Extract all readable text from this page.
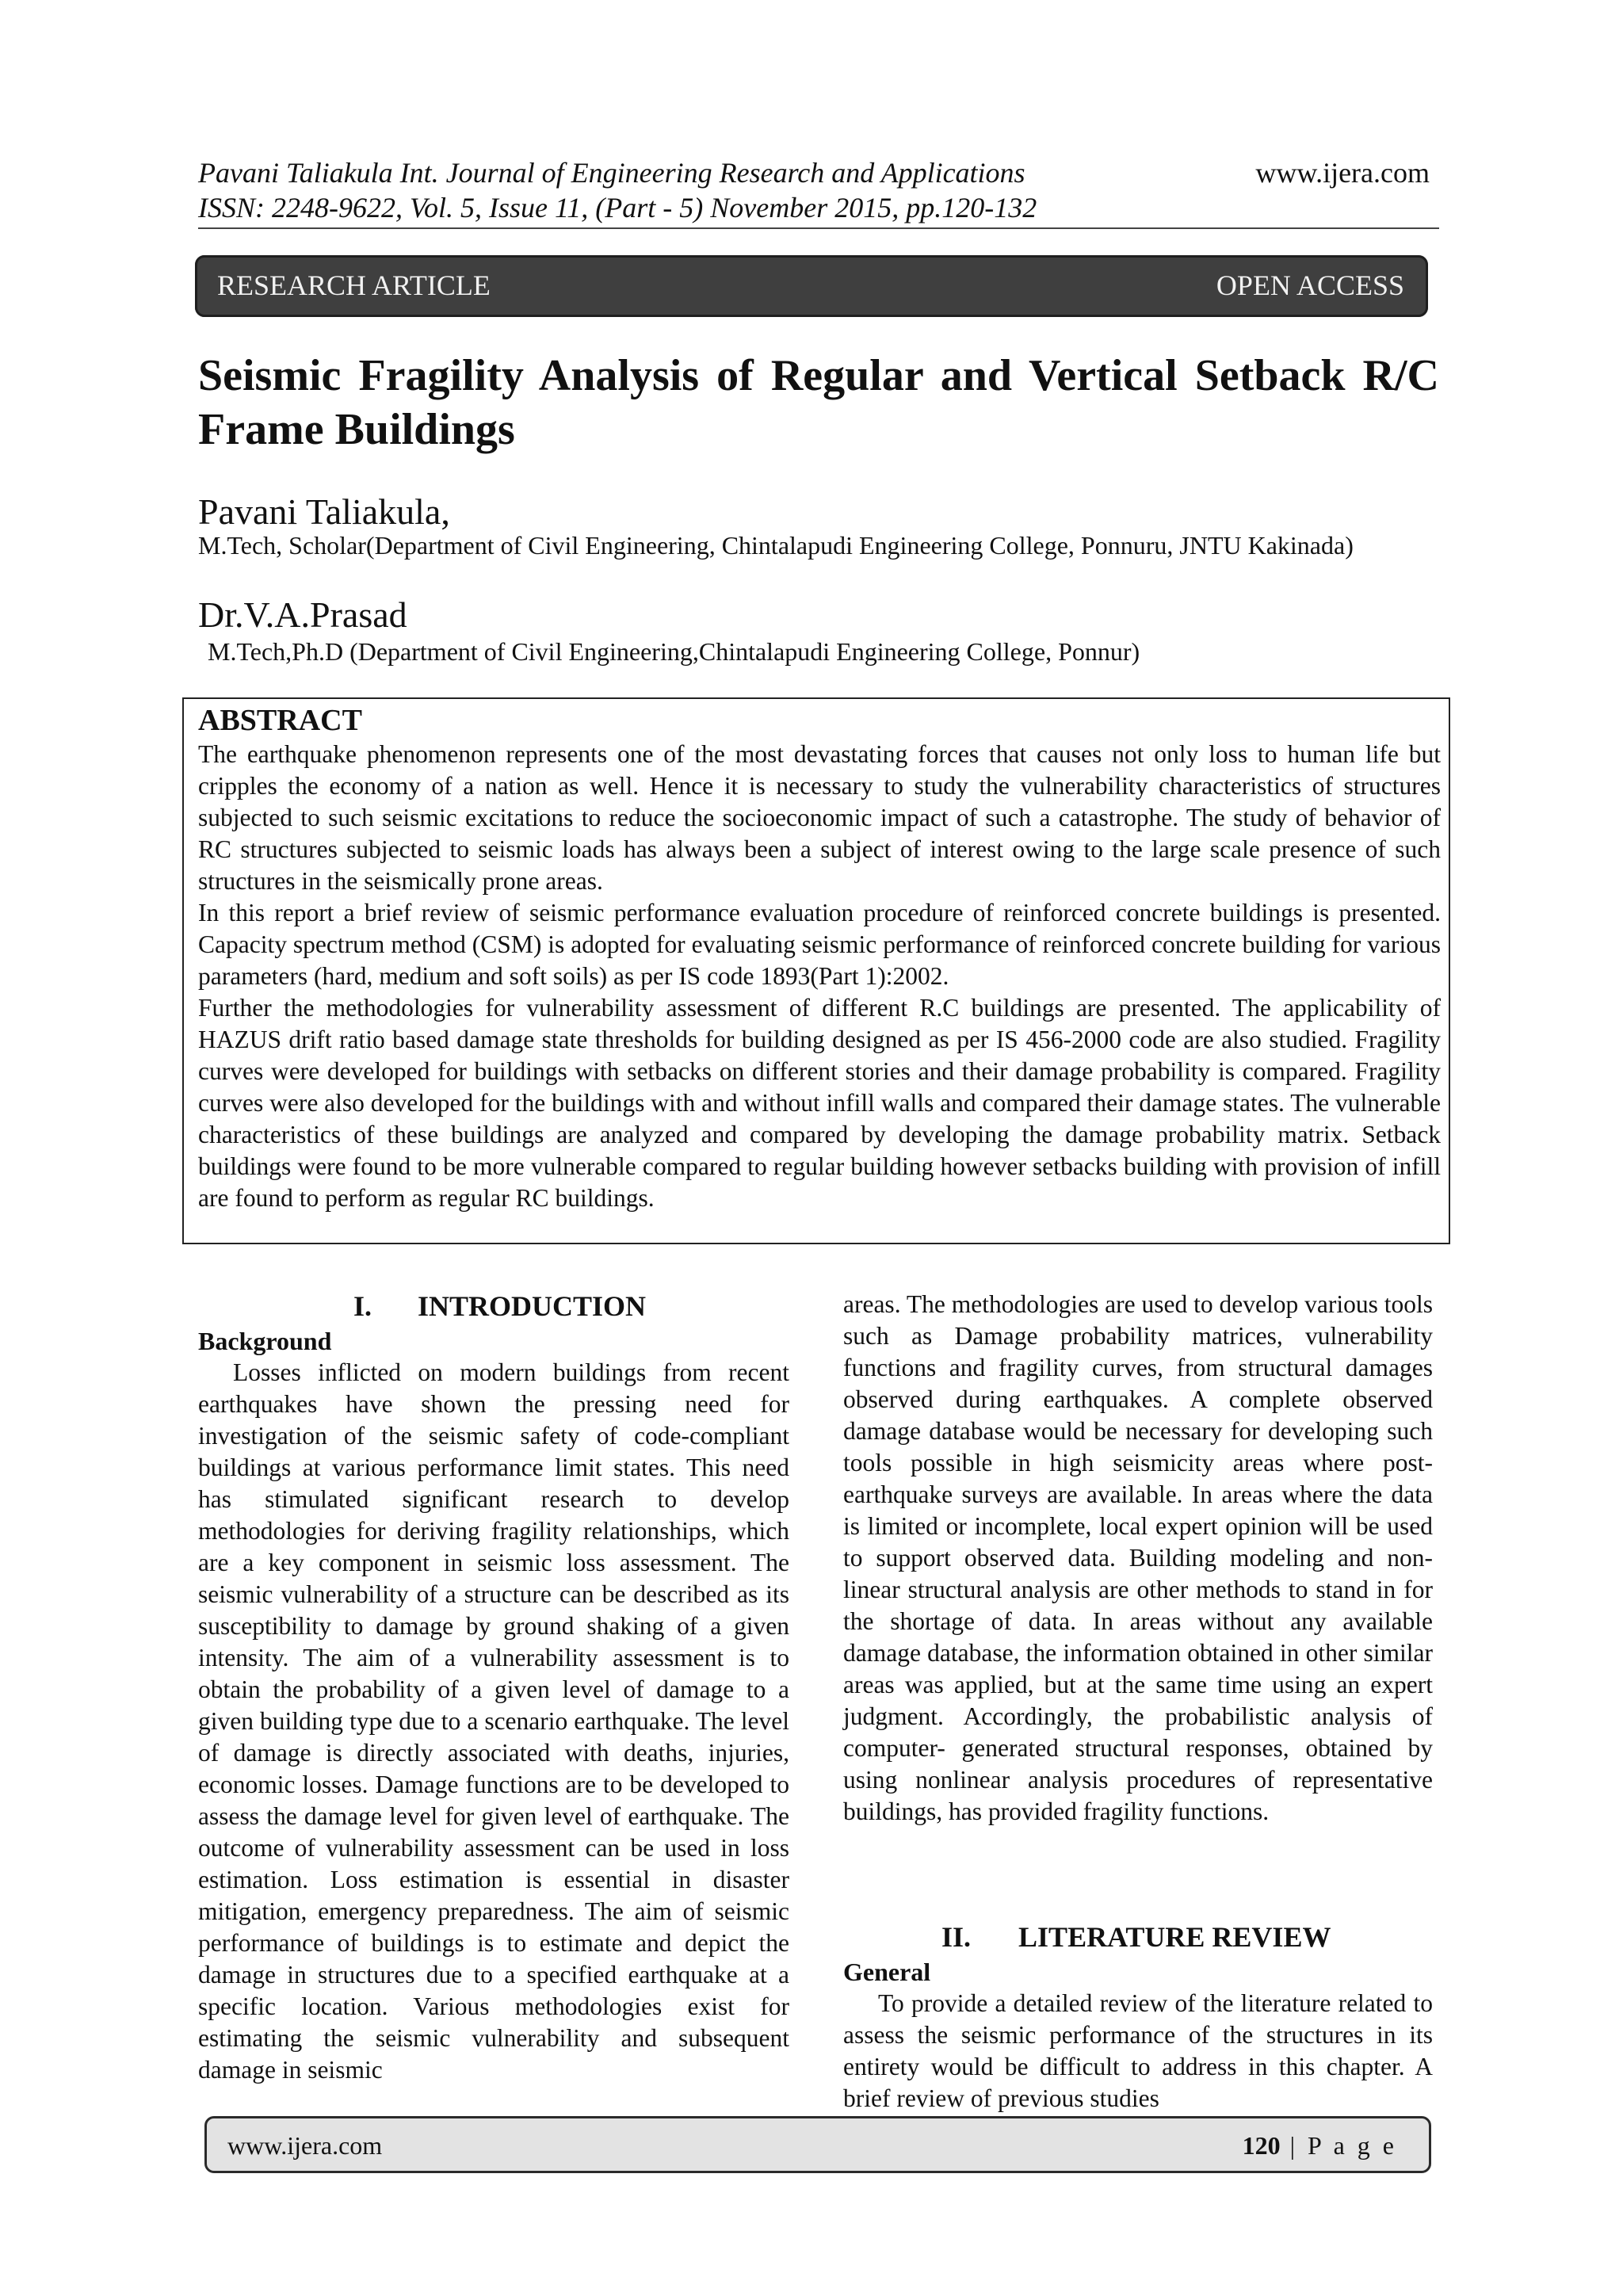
Pavani Taliakula Int. Journal of Engineering Research and Applications
ISSN: 2248-9622, Vol. 5, Issue 11, (Part - 5) November 2015, pp.120-132
www.ijera.com
RESEARCH ARTICLE	OPEN ACCESS
Seismic Fragility Analysis of Regular and Vertical Setback R/C
Frame Buildings
Pavani Taliakula,
M.Tech, Scholar(Department of Civil Engineering, Chintalapudi Engineering College, Ponnuru, JNTU Kakinada)
Dr.V.A.Prasad
M.Tech,Ph.D (Department of Civil Engineering,Chintalapudi Engineering College, Ponnur)
ABSTRACT

The earthquake phenomenon represents one of the most devastating forces that causes not only loss to human life but cripples the economy of a nation as well. Hence it is necessary to study the vulnerability characteristics of structures subjected to such seismic excitations to reduce the socioeconomic impact of such a catastrophe. The study of behavior of RC structures subjected to seismic loads has always been a subject of interest owing to the large scale presence of such structures in the seismically prone areas.

In this report a brief review of seismic performance evaluation procedure of reinforced concrete buildings is presented. Capacity spectrum method (CSM) is adopted for evaluating seismic performance of reinforced concrete building for various parameters (hard, medium and soft soils) as per IS code 1893(Part 1):2002.

Further the methodologies for vulnerability assessment of different R.C buildings are presented. The applicability of HAZUS drift ratio based damage state thresholds for building designed as per IS 456-2000 code are also studied. Fragility curves were developed for buildings with setbacks on different stories and their damage probability is compared. Fragility curves were also developed for the buildings with and without infill walls and compared their damage states. The vulnerable characteristics of these buildings are analyzed and compared by developing the damage probability matrix. Setback buildings were found to be more vulnerable compared to regular building however setbacks building with provision of infill are found to perform as regular RC buildings.

I. INTRODUCTION
Background

Losses inflicted on modern buildings from recent earthquakes have shown the pressing need for investigation of the seismic safety of code-compliant buildings at various performance limit states. This need has stimulated significant research to develop methodologies for deriving fragility relationships, which are a key component in seismic loss assessment. The seismic vulnerability of a structure can be described as its susceptibility to damage by ground shaking of a given intensity. The aim of a vulnerability assessment is to obtain the probability of a given level of damage to a given building type due to a scenario earthquake. The level of damage is directly associated with deaths, injuries, economic losses. Damage functions are to be developed to assess the damage level for given level of earthquake. The outcome of vulnerability assessment can be used in loss estimation. Loss estimation is essential in disaster mitigation, emergency preparedness. The aim of seismic performance of buildings is to estimate and depict the damage in structures due to a specified earthquake at a specific location. Various methodologies exist for estimating the seismic vulnerability and subsequent damage in seismic

areas. The methodologies are used to develop various tools such as Damage probability matrices, vulnerability functions and fragility curves, from structural damages observed during earthquakes. A complete observed damage database would be necessary for developing such tools possible in high seismicity areas where post-earthquake surveys are available. In areas where the data is limited or incomplete, local expert opinion will be used to support observed data. Building modeling and non-linear structural analysis are other methods to stand in for the shortage of data. In areas without any available damage database, the information obtained in other similar areas was applied, but at the same time using an expert judgment. Accordingly, the probabilistic analysis of computer- generated structural responses, obtained by using nonlinear analysis procedures of representative buildings, has provided fragility functions.

II. LITERATURE REVIEW
General

To provide a detailed review of the literature related to assess the seismic performance of the structures in its entirety would be difficult to address in this chapter. A brief review of previous studies

www.ijera.com	120 | P a g e
